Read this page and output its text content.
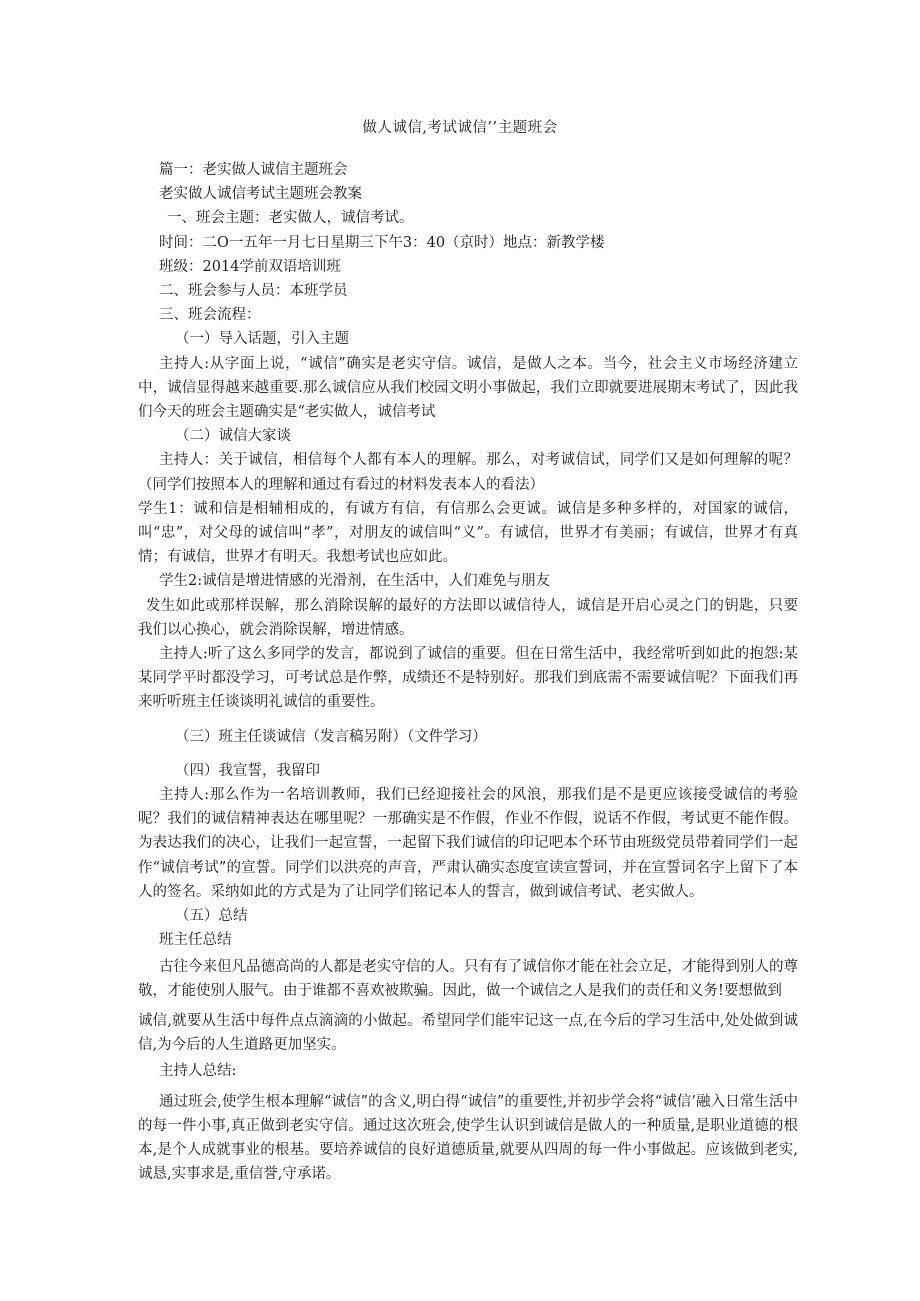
做人诚信,考试诚信’’主题班会

篇一：老实做人诚信主题班会

老实做人诚信考试主题班会教案

一、班会主题：老实做人，诚信考试。

时间：二O一五年一月七日星期三下午3：40（京时）地点：新教学楼

班级：2014学前双语培训班

二、班会参与人员：本班学员

三、班会流程：

（一）导入话题，引入主题

主持人:从字面上说，“诚信”确实是老实守信。诚信，是做人之本。当今，社会主义市场经济建立中，诚信显得越来越重要.那么诚信应从我们校园文明小事做起，我们立即就要进展期末考试了，因此我们今天的班会主题确实是“老实做人，诚信考试

（二）诚信大家谈

主持人：关于诚信，相信每个人都有本人的理解。那么，对考诚信试，同学们又是如何理解的呢？（同学们按照本人的理解和通过有看过的材料发表本人的看法）

学生1：诚和信是相辅相成的，有诚方有信，有信那么会更诚。诚信是多种多样的，对国家的诚信，叫“忠”，对父母的诚信叫“孝”，对朋友的诚信叫“义”。有诚信，世界才有美丽；有诚信，世界才有真情；有诚信，世界才有明天。我想考试也应如此。

学生2:诚信是增进情感的光滑剂，在生活中，人们难免与朋友

发生如此或那样误解，那么消除误解的最好的方法即以诚信待人，诚信是开启心灵之门的钥匙，只要我们以心换心，就会消除误解，增进情感。

主持人:听了这么多同学的发言，都说到了诚信的重要。但在日常生活中，我经常听到如此的抱怨:某某同学平时都没学习，可考试总是作弊，成绩还不是特别好。那我们到底需不需要诚信呢？下面我们再来听听班主任谈谈明礼诚信的重要性。

（三）班主任谈诚信（发言稿另附）（文件学习）

（四）我宣誓，我留印

主持人:那么作为一名培训教师，我们已经迎接社会的风浪，那我们是不是更应该接受诚信的考验呢？我们的诚信精神表达在哪里呢？一那确实是不作假，作业不作假，说话不作假，考试更不能作假。为表达我们的决心，让我们一起宣誓，一起留下我们诚信的印记吧本个环节由班级党员带着同学们一起作“诚信考试”的宣誓。同学们以洪亮的声音，严肃认确实态度宣读宣誓词，并在宣誓词名字上留下了本人的签名。采纳如此的方式是为了让同学们铭记本人的誓言，做到诚信考试、老实做人。

（五）总结

班主任总结

古往今来但凡品德高尚的人都是老实守信的人。只有有了诚信你才能在社会立足，才能得到别人的尊敬，才能使别人服气。由于谁都不喜欢被欺骗。因此，做一个诚信之人是我们的责任和义务!要想做到

诚信,就要从生活中每件点点滴滴的小做起。希望同学们能牢记这一点,在今后的学习生活中,处处做到诚信,为今后的人生道路更加坚实。

主持人总结:

通过班会,使学生根本理解“诚信”的含义,明白得“诚信”的重要性,并初步学会将“诚信’融入日常生活中的每一件小事,真正做到老实守信。通过这次班会,使学生认识到诚信是做人的一种质量,是职业道德的根本,是个人成就事业的根基。要培养诚信的良好道德质量,就要从四周的每一件小事做起。应该做到老实,诚恳,实事求是,重信誉,守承诺。
